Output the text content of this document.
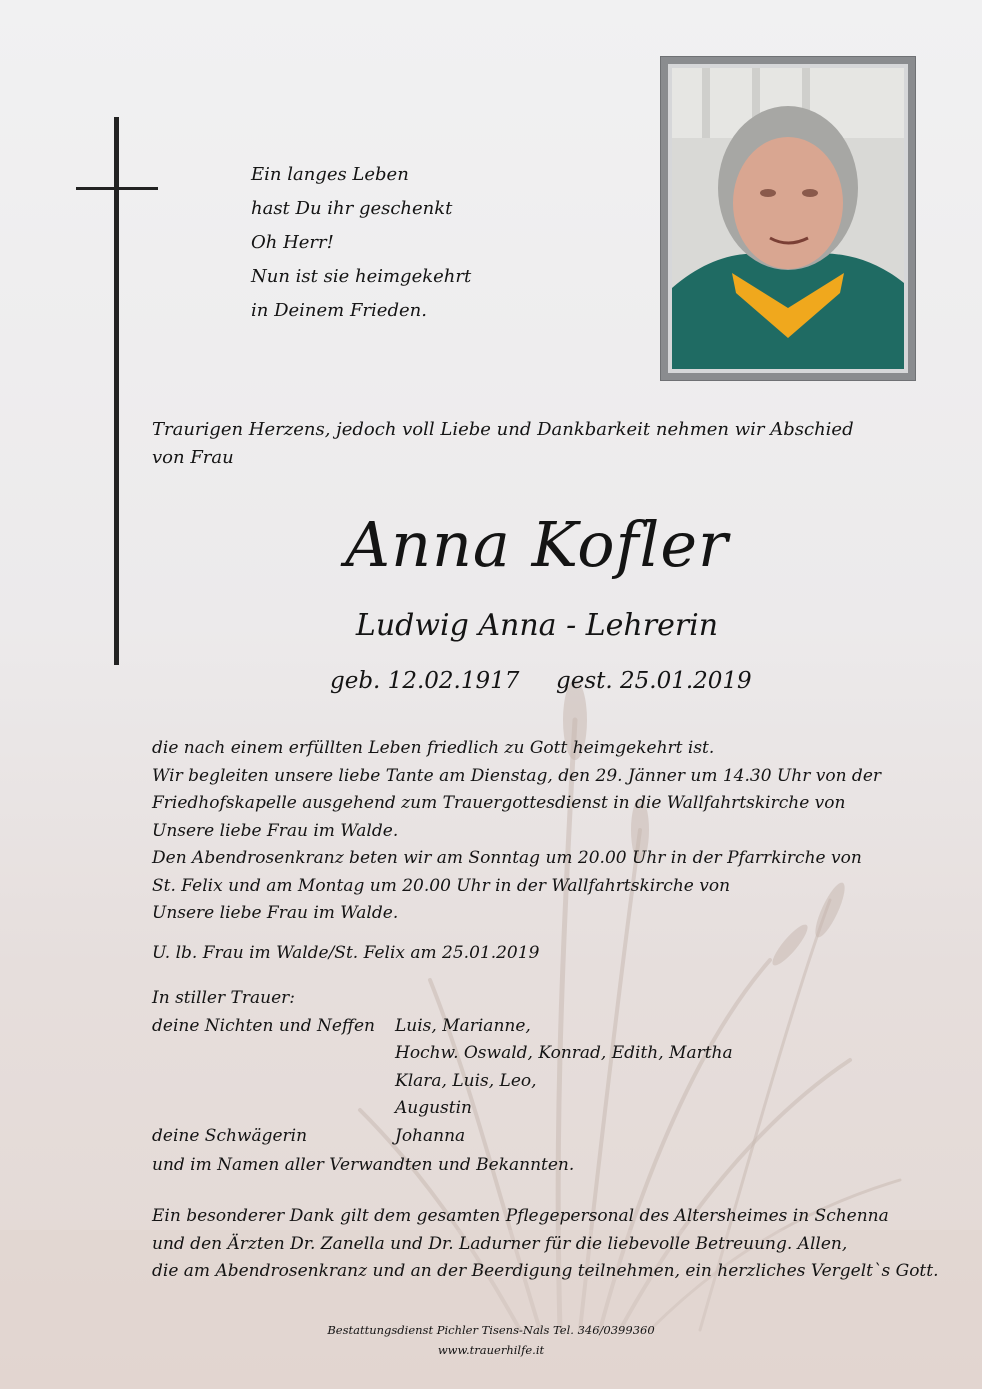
Ein langes Leben
hast Du ihr geschenkt
Oh Herr!
Nun ist sie heimgekehrt
in Deinem Frieden.
Traurigen Herzens, jedoch voll Liebe und Dankbarkeit nehmen wir Abschied
von Frau
Anna Kofler
Ludwig Anna - Lehrerin
geb. 12.02.1917 gest. 25.01.2019
die nach einem erfüllten Leben friedlich zu Gott heimgekehrt ist.
Wir begleiten unsere liebe Tante am Dienstag, den 29. Jänner um 14.30 Uhr von der
Friedhofskapelle ausgehend zum Trauergottesdienst in die Wallfahrtskirche von
Unsere liebe Frau im Walde.
Den Abendrosenkranz beten wir am Sonntag um 20.00 Uhr in der Pfarrkirche von
St. Felix und am Montag um 20.00 Uhr in der Wallfahrtskirche von
Unsere liebe Frau im Walde.
U. lb. Frau im Walde/St. Felix am 25.01.2019
In stiller Trauer:
deine Nichten und Neffen Luis, Marianne,
Hochw. Oswald, Konrad, Edith, Martha
Klara, Luis, Leo,
Augustin
deine Schwägerin	Johanna
und im Namen aller Verwandten und Bekannten.
Ein besonderer Dank gilt dem gesamten Pflegepersonal des Altersheimes in Schenna
und den Ärzten Dr. Zanella und Dr. Ladurner für die liebevolle Betreuung. Allen,
die am Abendrosenkranz und an der Beerdigung teilnehmen, ein herzliches Vergelt`s Gott.
Bestattungsdienst Pichler Tisens-Nals Tel. 346/0399360
www.trauerhilfe.it
